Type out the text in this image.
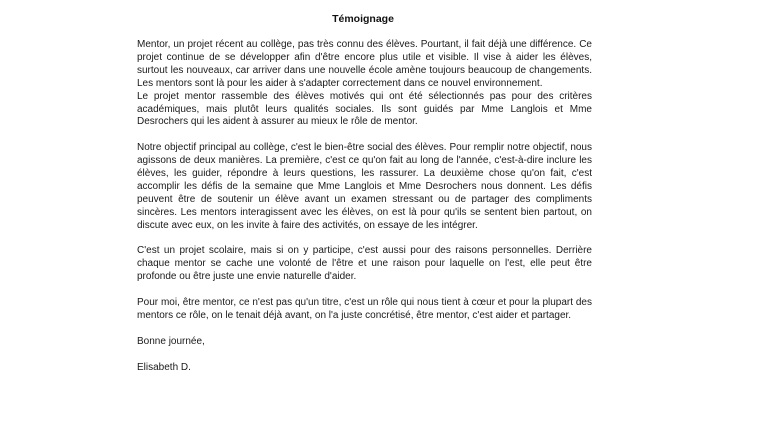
Témoignage
Mentor, un projet récent au collège, pas très connu des élèves. Pourtant, il fait déjà une différence. Ce projet continue de se développer afin d'être encore plus utile et visible. Il vise à aider les élèves, surtout les nouveaux, car arriver dans une nouvelle école amène toujours beaucoup de changements. Les mentors sont là pour les aider à s'adapter correctement dans ce nouvel environnement.
Le projet mentor rassemble des élèves motivés qui ont été sélectionnés pas pour des critères académiques, mais plutôt leurs qualités sociales. Ils sont guidés par Mme Langlois et Mme Desrochers qui les aident à assurer au mieux le rôle de mentor.
Notre objectif principal au collège, c'est le bien-être social des élèves. Pour remplir notre objectif, nous agissons de deux manières. La première, c'est ce qu'on fait au long de l'année, c'est-à-dire inclure les élèves, les guider, répondre à leurs questions, les rassurer. La deuxième chose qu'on fait, c'est accomplir les défis de la semaine que Mme Langlois et Mme Desrochers nous donnent. Les défis peuvent être de soutenir un élève avant un examen stressant ou de partager des compliments sincères. Les mentors interagissent avec les élèves, on est là pour qu'ils se sentent bien partout, on discute avec eux, on les invite à faire des activités, on essaye de les intégrer.
C'est un projet scolaire, mais si on y participe, c'est aussi pour des raisons personnelles. Derrière chaque mentor se cache une volonté de l'être et une raison pour laquelle on l'est, elle peut être profonde ou être juste une envie naturelle d'aider.
Pour moi, être mentor, ce n'est pas qu'un titre, c'est un rôle qui nous tient à cœur et pour la plupart des mentors ce rôle, on le tenait déjà avant, on l'a juste concrétisé, être mentor, c'est aider et partager.
Bonne journée,
Elisabeth D.
